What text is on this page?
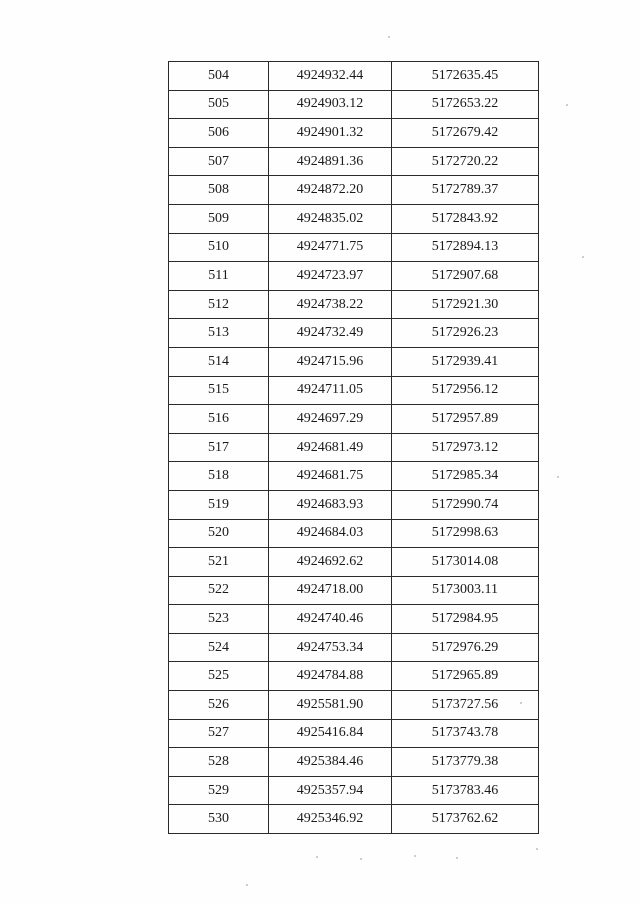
504	4924932.44	5172635.45
505	4924903.12	5172653.22
506	4924901.32	5172679.42
507	4924891.36	5172720.22
508	4924872.20	5172789.37
509	4924835.02	5172843.92
510	4924771.75	5172894.13
511	4924723.97	5172907.68
512	4924738.22	5172921.30
513	4924732.49	5172926.23
514	4924715.96	5172939.41
515	4924711.05	5172956.12
516	4924697.29	5172957.89
517	4924681.49	5172973.12
518	4924681.75	5172985.34
519	4924683.93	5172990.74
520	4924684.03	5172998.63
521	4924692.62	5173014.08
522	4924718.00	5173003.11
523	4924740.46	5172984.95
524	4924753.34	5172976.29
525	4924784.88	5172965.89
526	4925581.90	5173727.56
527	4925416.84	5173743.78
528	4925384.46	5173779.38
529	4925357.94	5173783.46
530	4925346.92	5173762.62
